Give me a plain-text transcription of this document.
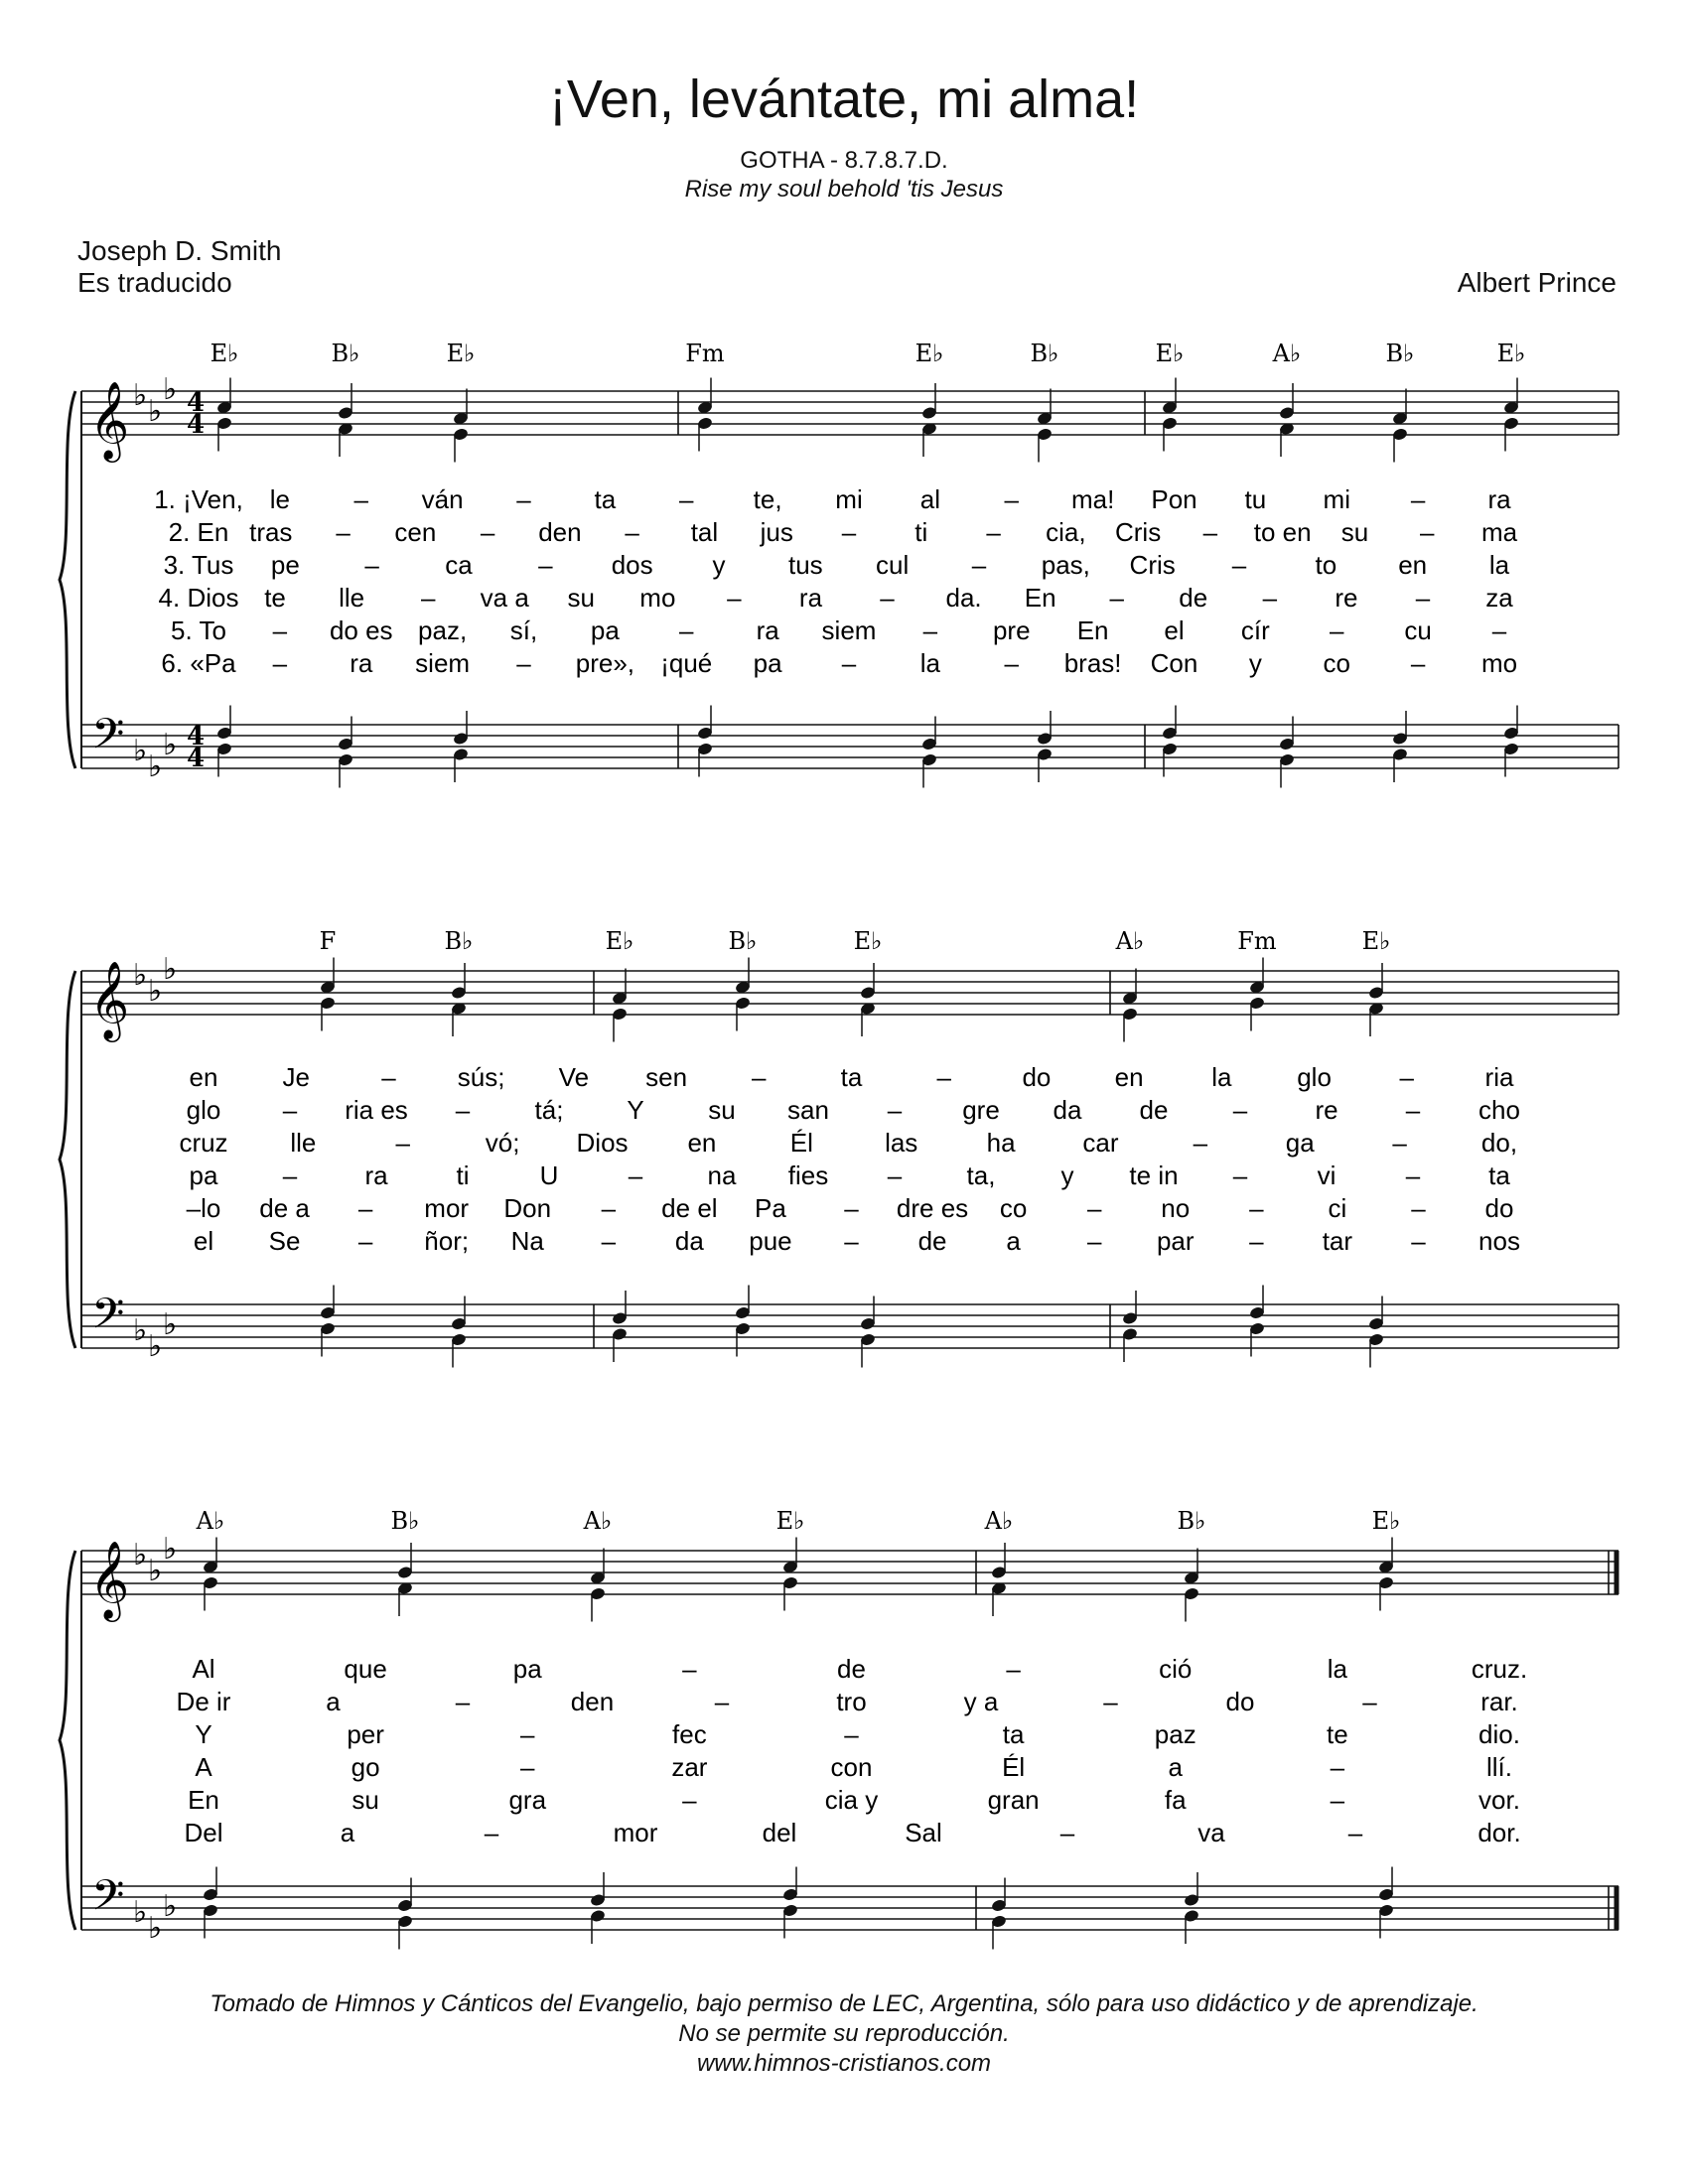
¡Ven, levántate, mi alma!
GOTHA - 8.7.8.7.D.
Rise my soul behold 'tis Jesus
Joseph D. Smith
Es traducido	Albert Prince
𝄞
𝄢
♭ ♭
♭
♭ ♭
♭
4
4
4
4
E♭	B♭	E♭	Fm	E♭	B♭	E♭	A♭	B♭	E♭
1. ¡Ven, le – ván – ta – te, mi al – ma! Pon tu mi – ra
2. En tras – cen – den – tal jus – ti – cia, Cris – to en su – ma
3. Tus pe	–	ca	– dos y tus cul – pas, Cris –	to en la
4. Dios te lle – va a su mo – ra – da. En – de – re – za
5. To – do es paz, sí, pa – ra siem – pre En el cír – cu –
6. «Pa – ra siem – pre», ¡qué pa – la – bras! Con y co – mo
𝄞
𝄢
♭ ♭
♭
♭ ♭
♭
F	B♭	E♭	B♭	E♭	A♭	Fm	E♭
en	Je	– sús; Ve sen	–	ta	–	do en	la	glo	–	ria
glo – ria es –	tá; Y su san – gre da de	–	re	– cho
cruz lle	–	vó; Dios en	Él	las	ha	car	–	ga	–	do,
pa	–	ra	ti	U	–	na fies –	ta,	y te in –	vi	–	ta
–lo de a – mor Don – de el Pa – dre es co – no – ci – do
el Se – ñor; Na – da pue – de a	– par – tar – nos
𝄞
𝄢
♭ ♭
♭
♭ ♭
♭
A♭	B♭	A♭	E♭	A♭	B♭	E♭
Al	que	pa	–	de	–	ció	la	cruz.
De ir	a	–	den	–	tro	y a	–	do	–	rar.
Y	per	–	fec	–	ta	paz	te	dio.
A	go	–	zar	con	Él	a	–	llí.
En	su	gra	–	cia y	gran	fa	–	vor.
Del	a	–	mor	del	Sal	–	va	–	dor.
Tomado de Himnos y Cánticos del Evangelio, bajo permiso de LEC, Argentina, sólo para uso didáctico y de aprendizaje.
No se permite su reproducción.
www.himnos-cristianos.com
